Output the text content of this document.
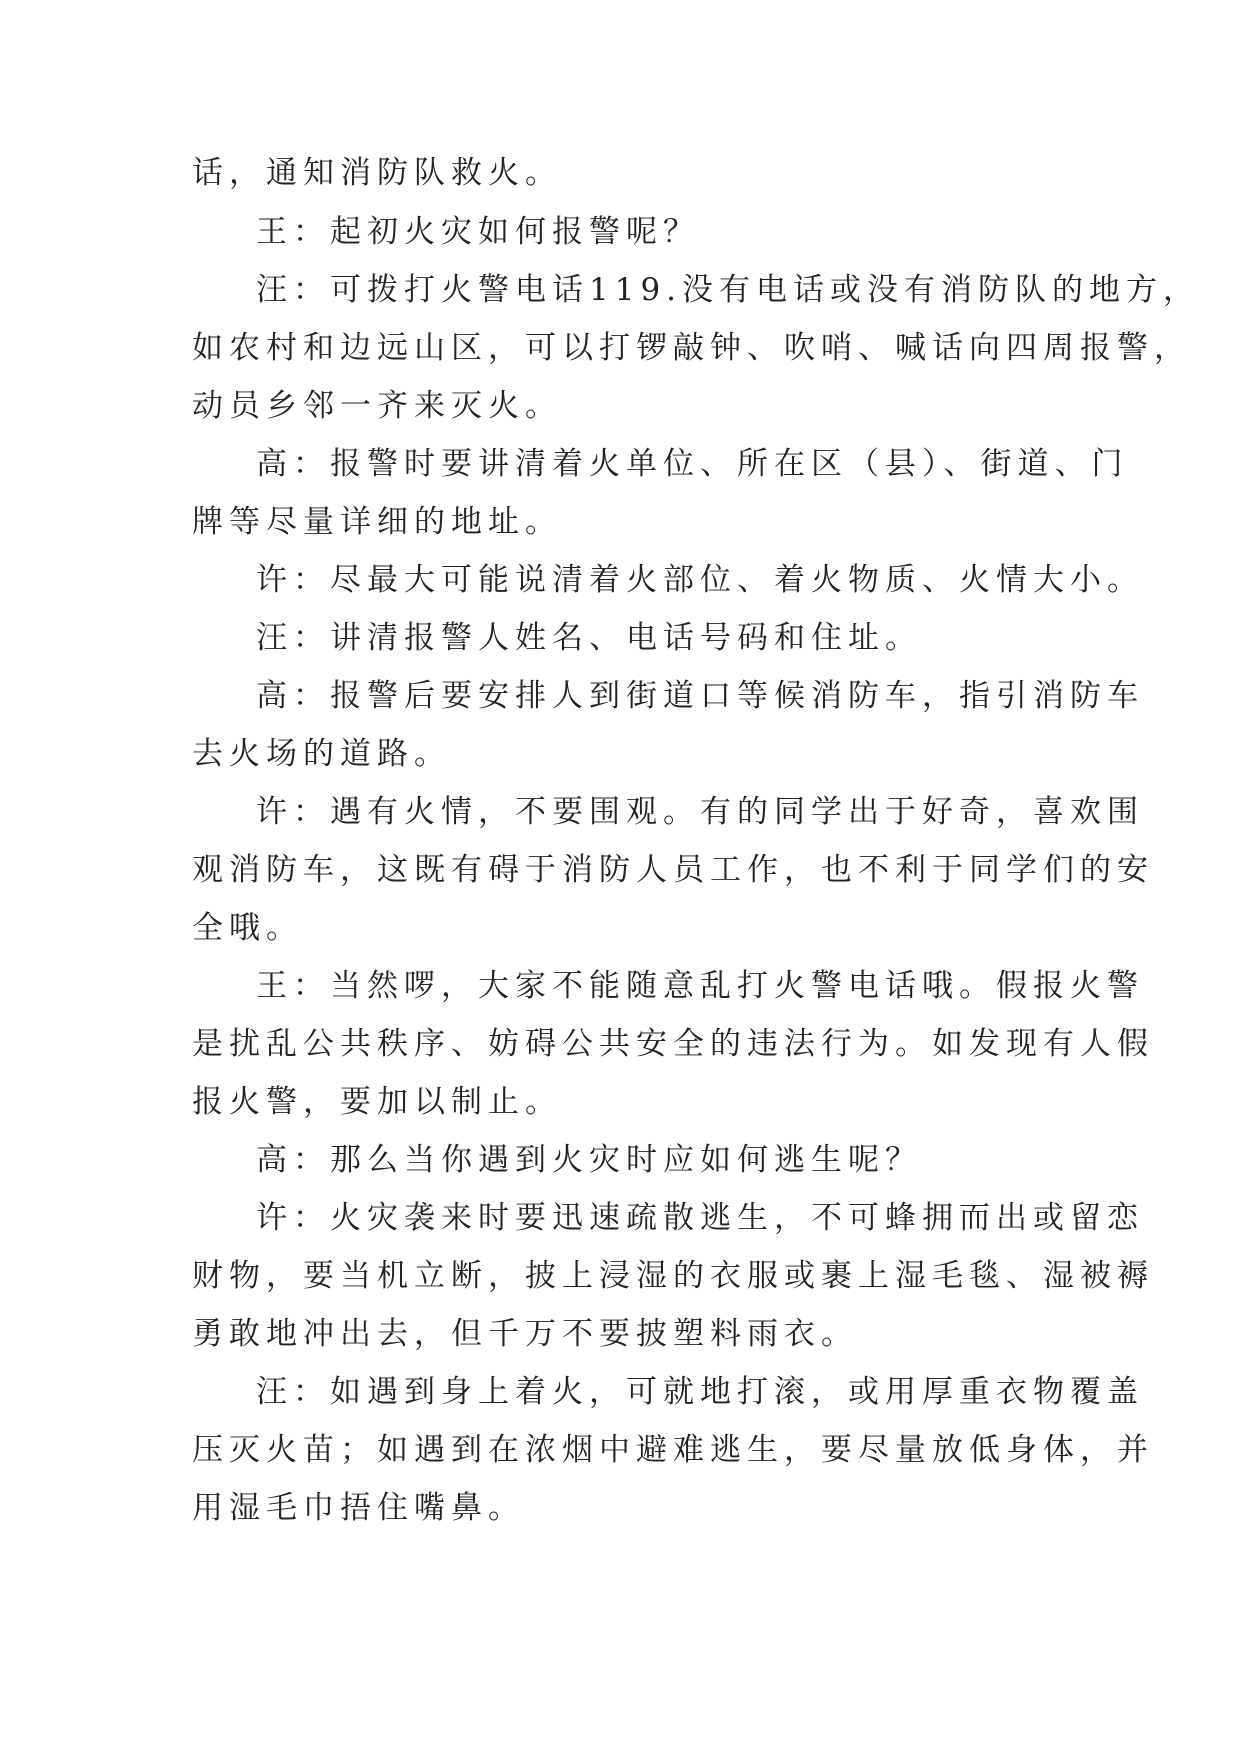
话，通知消防队救火。
王：起初火灾如何报警呢？
汪：可拨打火警电话119.没有电话或没有消防队的地方，
如农村和边远山区，可以打锣敲钟、吹哨、喊话向四周报警，
动员乡邻一齐来灭火。
高：报警时要讲清着火单位、所在区（县）、街道、门
牌等尽量详细的地址。
许：尽最大可能说清着火部位、着火物质、火情大小。
汪：讲清报警人姓名、电话号码和住址。
高：报警后要安排人到街道口等候消防车，指引消防车
去火场的道路。
许：遇有火情，不要围观。有的同学出于好奇，喜欢围
观消防车，这既有碍于消防人员工作，也不利于同学们的安
全哦。
王：当然啰，大家不能随意乱打火警电话哦。假报火警
是扰乱公共秩序、妨碍公共安全的违法行为。如发现有人假
报火警，要加以制止。
高：那么当你遇到火灾时应如何逃生呢？
许：火灾袭来时要迅速疏散逃生，不可蜂拥而出或留恋
财物，要当机立断，披上浸湿的衣服或裹上湿毛毯、湿被褥
勇敢地冲出去，但千万不要披塑料雨衣。
汪：如遇到身上着火，可就地打滚，或用厚重衣物覆盖
压灭火苗；如遇到在浓烟中避难逃生，要尽量放低身体，并
用湿毛巾捂住嘴鼻。
